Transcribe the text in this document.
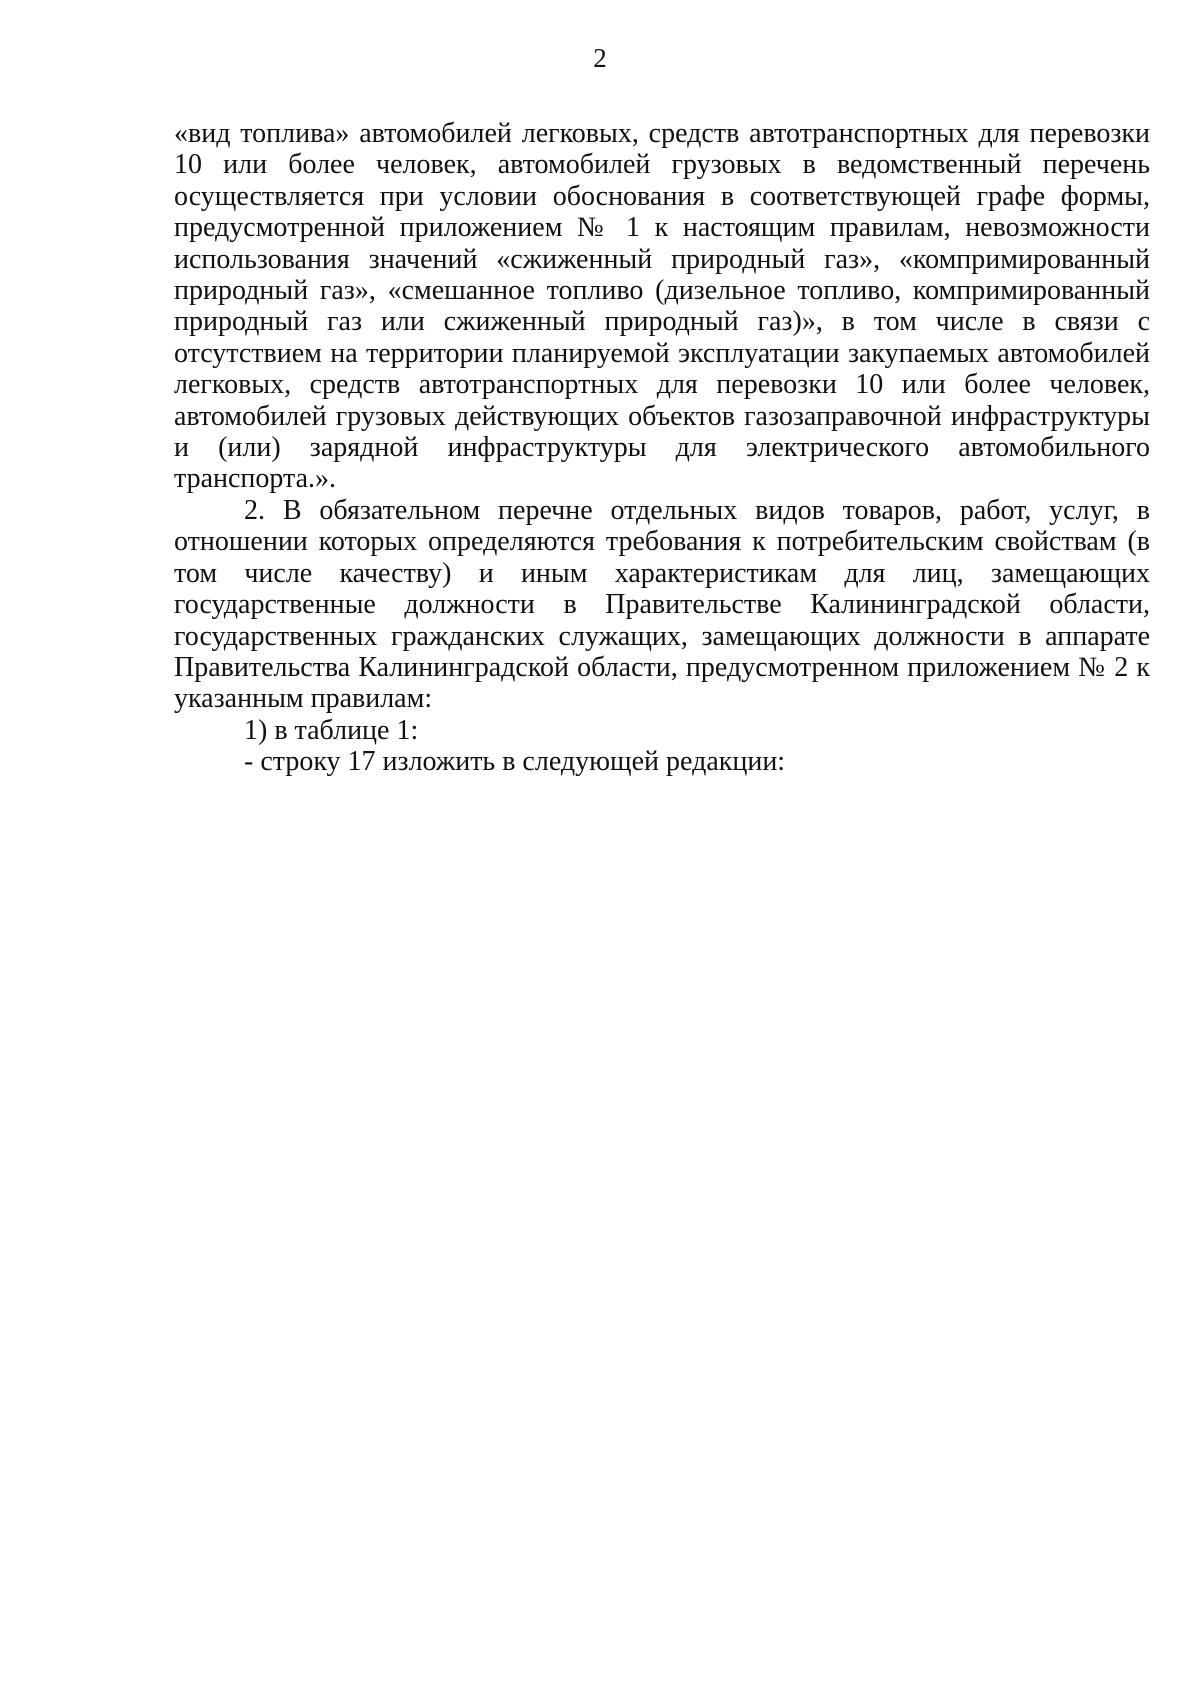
2

«вид топлива» автомобилей легковых, средств автотранспортных для перевозки 10 или более человек, автомобилей грузовых в ведомственный перечень осуществляется при условии обоснования в соответствующей графе формы, предусмотренной приложением № 1 к настоящим правилам, невозможности использования значений «сжиженный природный газ», «компримированный природный газ», «смешанное топливо (дизельное топливо, компримированный природный газ или сжиженный природный газ)», в том числе в связи с отсутствием на территории планируемой эксплуатации закупаемых автомобилей легковых, средств автотранспортных для перевозки 10 или более человек, автомобилей грузовых действующих объектов газозаправочной инфраструктуры и (или) зарядной инфраструктуры для электрического автомобильного транспорта.».

2. В обязательном перечне отдельных видов товаров, работ, услуг, в отношении которых определяются требования к потребительским свойствам (в том числе качеству) и иным характеристикам для лиц, замещающих государственные должности в Правительстве Калининградской области, государственных гражданских служащих, замещающих должности в аппарате Правительства Калининградской области, предусмотренном приложением № 2 к указанным правилам:

1) в таблице 1:

- строку 17 изложить в следующей редакции:
